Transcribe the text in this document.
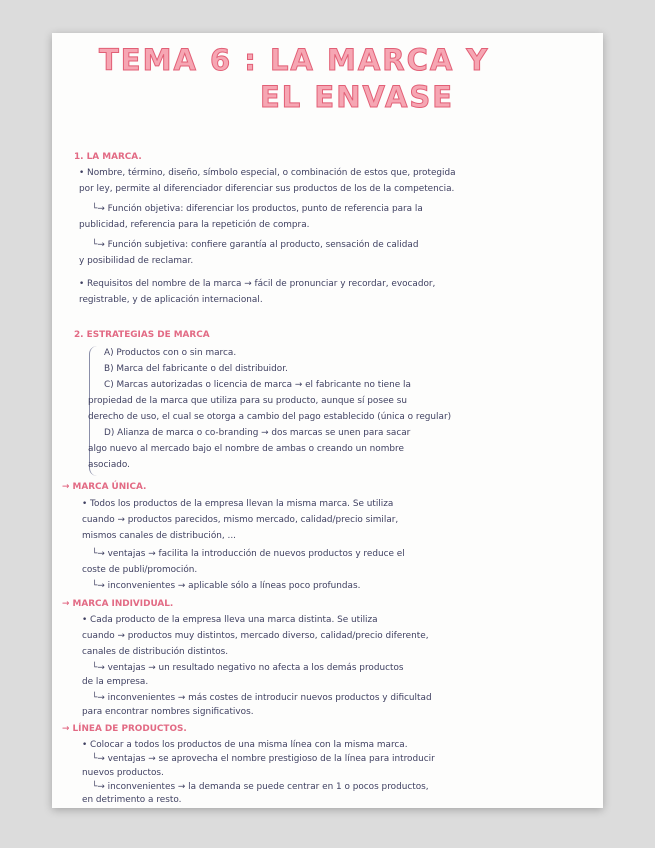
TEMA 6 : LA MARCA Y
EL ENVASE
1. LA MARCA.
• Nombre, término, diseño, símbolo especial, o combinación de estos que, protegida
por ley, permite al diferenciador diferenciar sus productos de los de la competencia.
└→ Función objetiva: diferenciar los productos, punto de referencia para la
publicidad, referencia para la repetición de compra.
└→ Función subjetiva: confiere garantía al producto, sensación de calidad
y posibilidad de reclamar.
• Requisitos del nombre de la marca → fácil de pronunciar y recordar, evocador,
registrable, y de aplicación internacional.
2. ESTRATEGIAS DE MARCA
A) Productos con o sin marca.
B) Marca del fabricante o del distribuidor.
C) Marcas autorizadas o licencia de marca → el fabricante no tiene la
propiedad de la marca que utiliza para su producto, aunque sí posee su
derecho de uso, el cual se otorga a cambio del pago establecido (única o regular)
D) Alianza de marca o co-branding → dos marcas se unen para sacar
algo nuevo al mercado bajo el nombre de ambas o creando un nombre
asociado.
→ MARCA ÚNICA.
• Todos los productos de la empresa llevan la misma marca. Se utiliza
cuando → productos parecidos, mismo mercado, calidad/precio similar,
mismos canales de distribución, ...
└→ ventajas → facilita la introducción de nuevos productos y reduce el
coste de publi/promoción.
└→ inconvenientes → aplicable sólo a líneas poco profundas.
→ MARCA INDIVIDUAL.
• Cada producto de la empresa lleva una marca distinta. Se utiliza
cuando → productos muy distintos, mercado diverso, calidad/precio diferente,
canales de distribución distintos.
└→ ventajas → un resultado negativo no afecta a los demás productos
de la empresa.
└→ inconvenientes → más costes de introducir nuevos productos y dificultad
para encontrar nombres significativos.
→ LÍNEA DE PRODUCTOS.
• Colocar a todos los productos de una misma línea con la misma marca.
└→ ventajas → se aprovecha el nombre prestigioso de la línea para introducir
nuevos productos.
└→ inconvenientes → la demanda se puede centrar en 1 o pocos productos,
en detrimento a resto.
